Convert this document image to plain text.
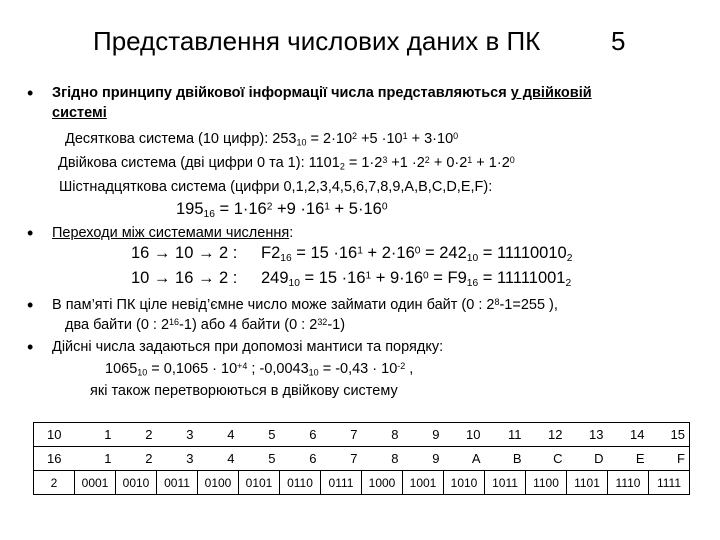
Представлення числових даних в ПК	5
• Згідно принципу двійкової інформації числа представляються у двійковій
системі
Десяткова система (10 цифр): $253_{10} = 2\cdot 10^2 +5 \cdot 10^1 + 3\cdot 10^0$
Двійкова система (дві цифри 0 та 1): $1101_2 = 1\cdot 2^3 +1 \cdot 2^2 + 0\cdot 2^1 + 1\cdot 2^0$
Шістнадцяткова система (цифри 0,1,2,3,4,5,6,7,8,9,A,B,C,D,E,F):
$195_{16} = 1\cdot 16^2 +9 \cdot 16^1 + 5\cdot 16^0$
• Переходи між системами числення:
16 → 10 → 2 : $F2_{16} = 15 \cdot 16^1 + 2\cdot 16^0 = 242_{10} = 11110010_2$
10 → 16 → 2 : $249_{10} = 15 \cdot 16^1 + 9\cdot 16^0 = F9_{16} = 11111001_2$
• В пам’яті ПК ціле невід’ємне число може займати один байт (0 : $2^8-1=255$ ),
два байти (0 : $2^{16}-1$) або 4 байти (0 : $2^{32}-1$)
• Дійсні числа задаються при допомозі мантиси та порядку:
$1065_{10} = 0,1065 \cdot 10^{+4}$ ; $-0,0043_{10} = -0,43 \cdot 10^{-2}$ ,
які також перетворюються в двійкову систему
10	1	2	3	4	5	6	7	8	9	10	11	12	13	14	15
16	1	2	3	4	5	6	7	8	9	A	B	C	D	E	F
2	0001	0010	0011	0100	0101	0110	0111	1000	1001	1010	1011	1100	1101	1110	1111
